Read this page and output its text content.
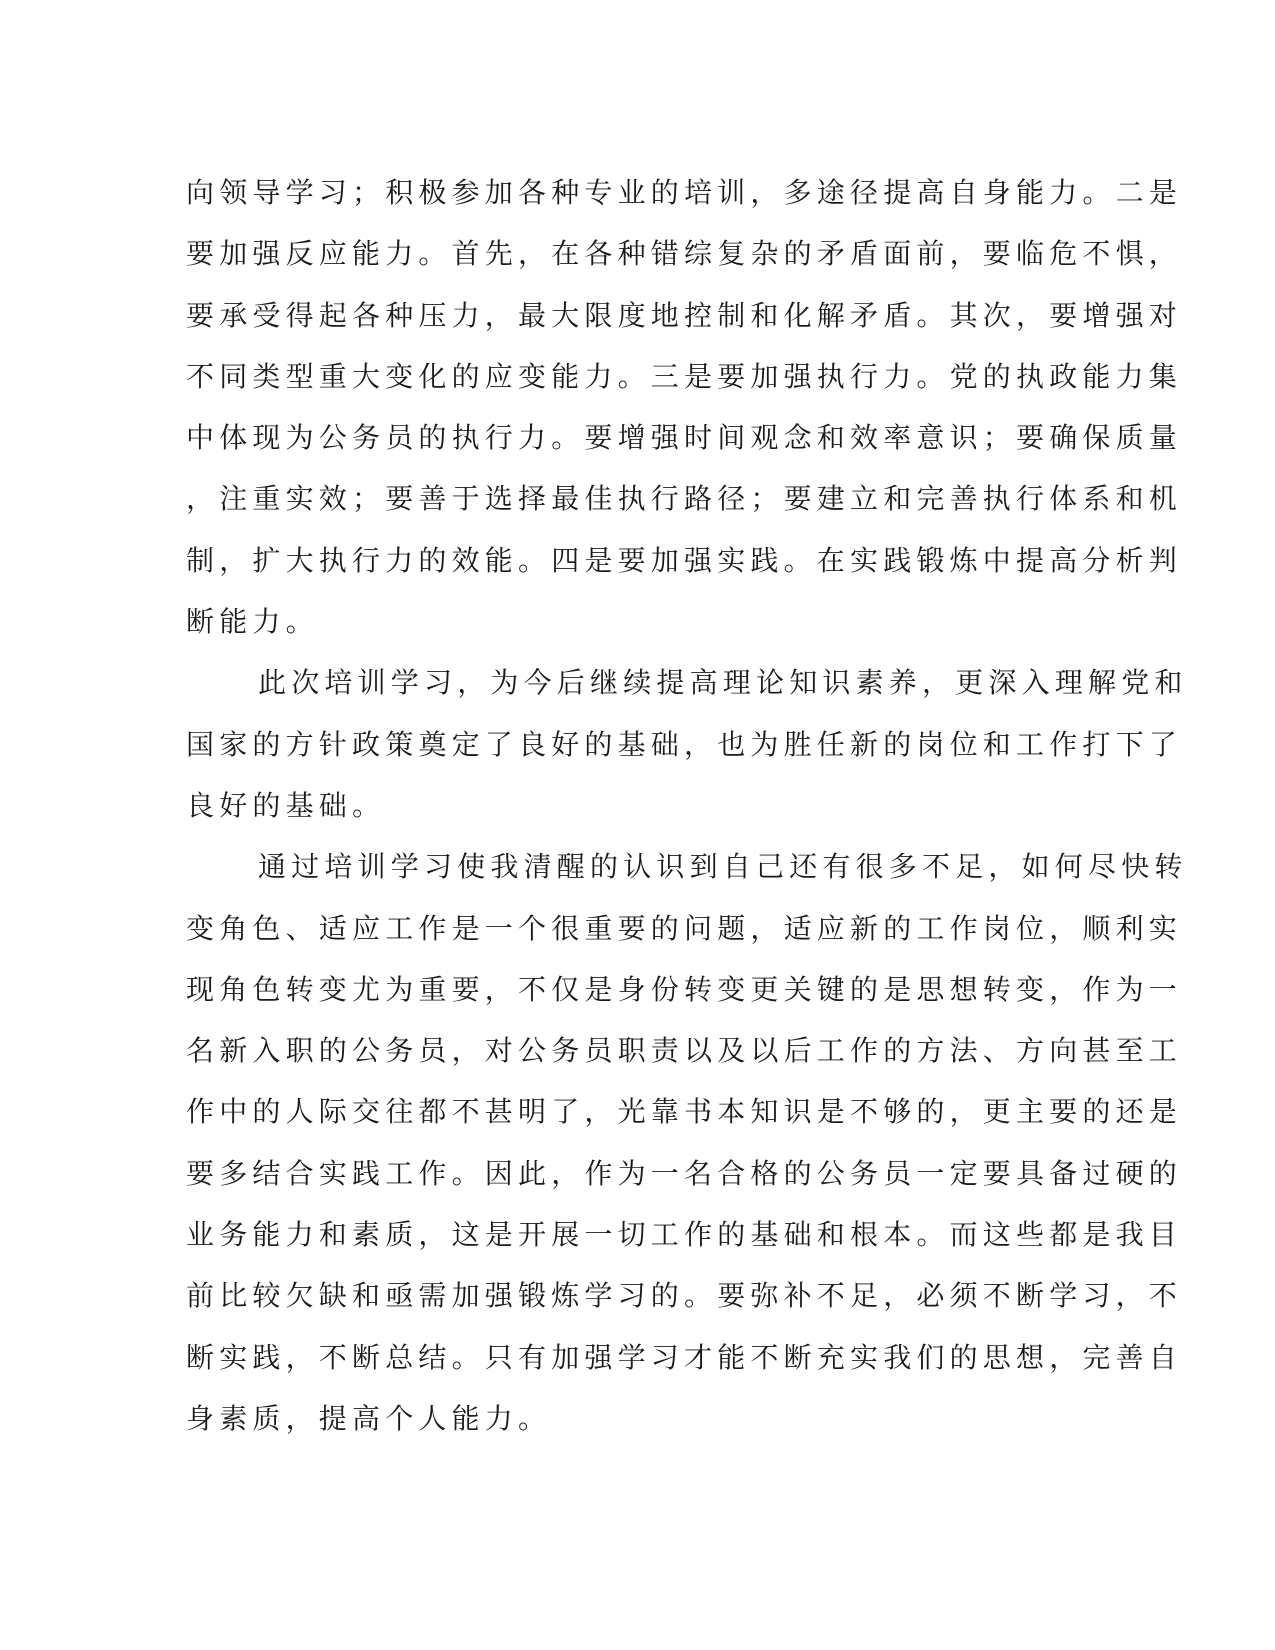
向领导学习；积极参加各种专业的培训，多途径提高自身能力。二是
要加强反应能力。首先，在各种错综复杂的矛盾面前，要临危不惧，
要承受得起各种压力，最大限度地控制和化解矛盾。其次，要增强对
不同类型重大变化的应变能力。三是要加强执行力。党的执政能力集
中体现为公务员的执行力。要增强时间观念和效率意识；要确保质量
，注重实效；要善于选择最佳执行路径；要建立和完善执行体系和机
制，扩大执行力的效能。四是要加强实践。在实践锻炼中提高分析判
断能力。
此次培训学习，为今后继续提高理论知识素养，更深入理解党和
国家的方针政策奠定了良好的基础，也为胜任新的岗位和工作打下了
良好的基础。
通过培训学习使我清醒的认识到自己还有很多不足，如何尽快转
变角色、适应工作是一个很重要的问题，适应新的工作岗位，顺利实
现角色转变尤为重要，不仅是身份转变更关键的是思想转变，作为一
名新入职的公务员，对公务员职责以及以后工作的方法、方向甚至工
作中的人际交往都不甚明了，光靠书本知识是不够的，更主要的还是
要多结合实践工作。因此，作为一名合格的公务员一定要具备过硬的
业务能力和素质，这是开展一切工作的基础和根本。而这些都是我目
前比较欠缺和亟需加强锻炼学习的。要弥补不足，必须不断学习，不
断实践，不断总结。只有加强学习才能不断充实我们的思想，完善自
身素质，提高个人能力。
